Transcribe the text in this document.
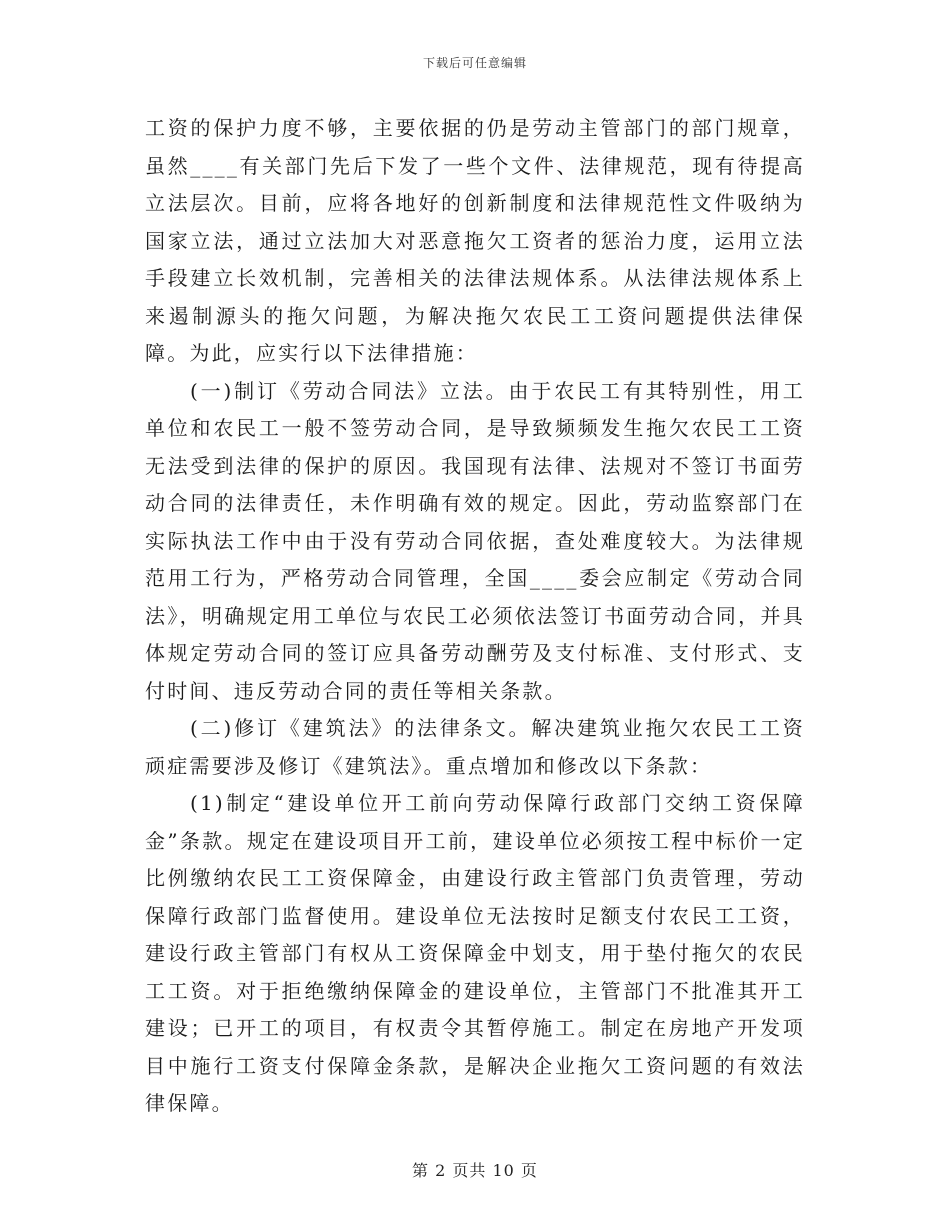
下载后可任意编辑

工资的保护力度不够，主要依据的仍是劳动主管部门的部门规章，虽然____有关部门先后下发了一些个文件、法律规范，现有待提高立法层次。目前，应将各地好的创新制度和法律规范性文件吸纳为国家立法，通过立法加大对恶意拖欠工资者的惩治力度，运用立法手段建立长效机制，完善相关的法律法规体系。从法律法规体系上来遏制源头的拖欠问题，为解决拖欠农民工工资问题提供法律保障。为此，应实行以下法律措施：

(一)制订《劳动合同法》立法。由于农民工有其特别性，用工单位和农民工一般不签劳动合同，是导致频频发生拖欠农民工工资无法受到法律的保护的原因。我国现有法律、法规对不签订书面劳动合同的法律责任，未作明确有效的规定。因此，劳动监察部门在实际执法工作中由于没有劳动合同依据，查处难度较大。为法律规范用工行为，严格劳动合同管理，全国____委会应制定《劳动合同法》，明确规定用工单位与农民工必须依法签订书面劳动合同，并具体规定劳动合同的签订应具备劳动酬劳及支付标准、支付形式、支付时间、违反劳动合同的责任等相关条款。

(二)修订《建筑法》的法律条文。解决建筑业拖欠农民工工资顽症需要涉及修订《建筑法》。重点增加和修改以下条款：

(1)制定“建设单位开工前向劳动保障行政部门交纳工资保障金”条款。规定在建设项目开工前，建设单位必须按工程中标价一定比例缴纳农民工工资保障金，由建设行政主管部门负责管理，劳动保障行政部门监督使用。建设单位无法按时足额支付农民工工资，建设行政主管部门有权从工资保障金中划支，用于垫付拖欠的农民工工资。对于拒绝缴纳保障金的建设单位，主管部门不批准其开工建设；已开工的项目，有权责令其暂停施工。制定在房地产开发项目中施行工资支付保障金条款，是解决企业拖欠工资问题的有效法律保障。

第 2 页共 10 页
